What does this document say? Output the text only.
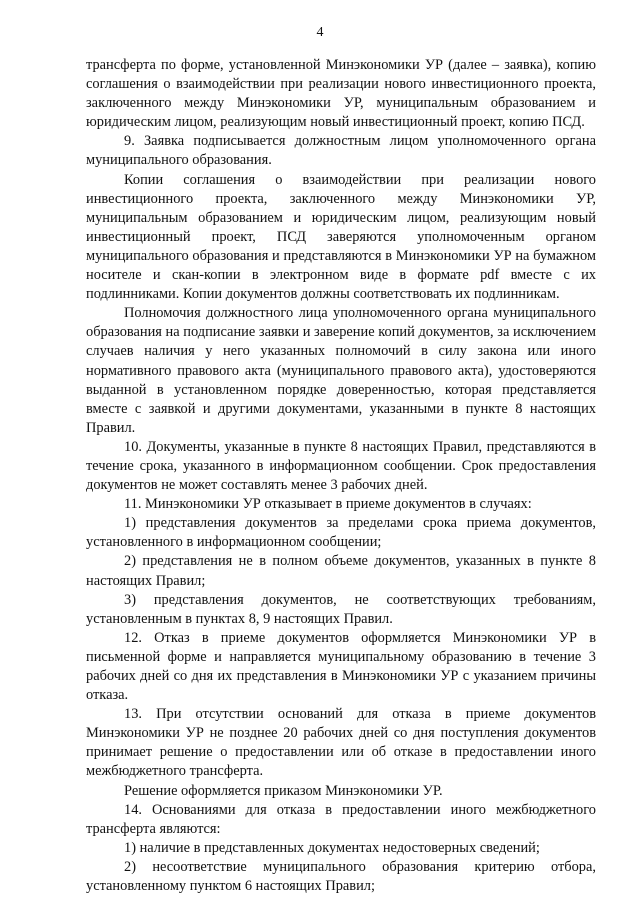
4

трансферта по форме, установленной Минэкономики УР (далее – заявка), копию соглашения о взаимодействии при реализации нового инвестиционного проекта, заключенного между Минэкономики УР, муниципальным образованием и юридическим лицом, реализующим новый инвестиционный проект, копию ПСД.

9. Заявка подписывается должностным лицом уполномоченного органа муниципального образования.

Копии соглашения о взаимодействии при реализации нового инвестиционного проекта, заключенного между Минэкономики УР, муниципальным образованием и юридическим лицом, реализующим новый инвестиционный проект, ПСД заверяются уполномоченным органом муниципального образования и представляются в Минэкономики УР на бумажном носителе и скан-копии в электронном виде в формате pdf вместе с их подлинниками. Копии документов должны соответствовать их подлинникам.

Полномочия должностного лица уполномоченного органа муниципального образования на подписание заявки и заверение копий документов, за исключением случаев наличия у него указанных полномочий в силу закона или иного нормативного правового акта (муниципального правового акта), удостоверяются выданной в установленном порядке доверенностью, которая представляется вместе с заявкой и другими документами, указанными в пункте 8 настоящих Правил.

10. Документы, указанные в пункте 8 настоящих Правил, представляются в течение срока, указанного в информационном сообщении. Срок предоставления документов не может составлять менее 3 рабочих дней.

11. Минэкономики УР отказывает в приеме документов в случаях:

1) представления документов за пределами срока приема документов, установленного в информационном сообщении;

2) представления не в полном объеме документов, указанных в пункте 8 настоящих Правил;

3) представления документов, не соответствующих требованиям, установленным в пунктах 8, 9 настоящих Правил.

12. Отказ в приеме документов оформляется Минэкономики УР в письменной форме и направляется муниципальному образованию в течение 3 рабочих дней со дня их представления в Минэкономики УР с указанием причины отказа.

13. При отсутствии оснований для отказа в приеме документов Минэкономики УР не позднее 20 рабочих дней со дня поступления документов принимает решение о предоставлении или об отказе в предоставлении иного межбюджетного трансферта.

Решение оформляется приказом Минэкономики УР.

14. Основаниями для отказа в предоставлении иного межбюджетного трансферта являются:

1) наличие в представленных документах недостоверных сведений;

2) несоответствие муниципального образования критерию отбора, установленному пунктом 6 настоящих Правил;
